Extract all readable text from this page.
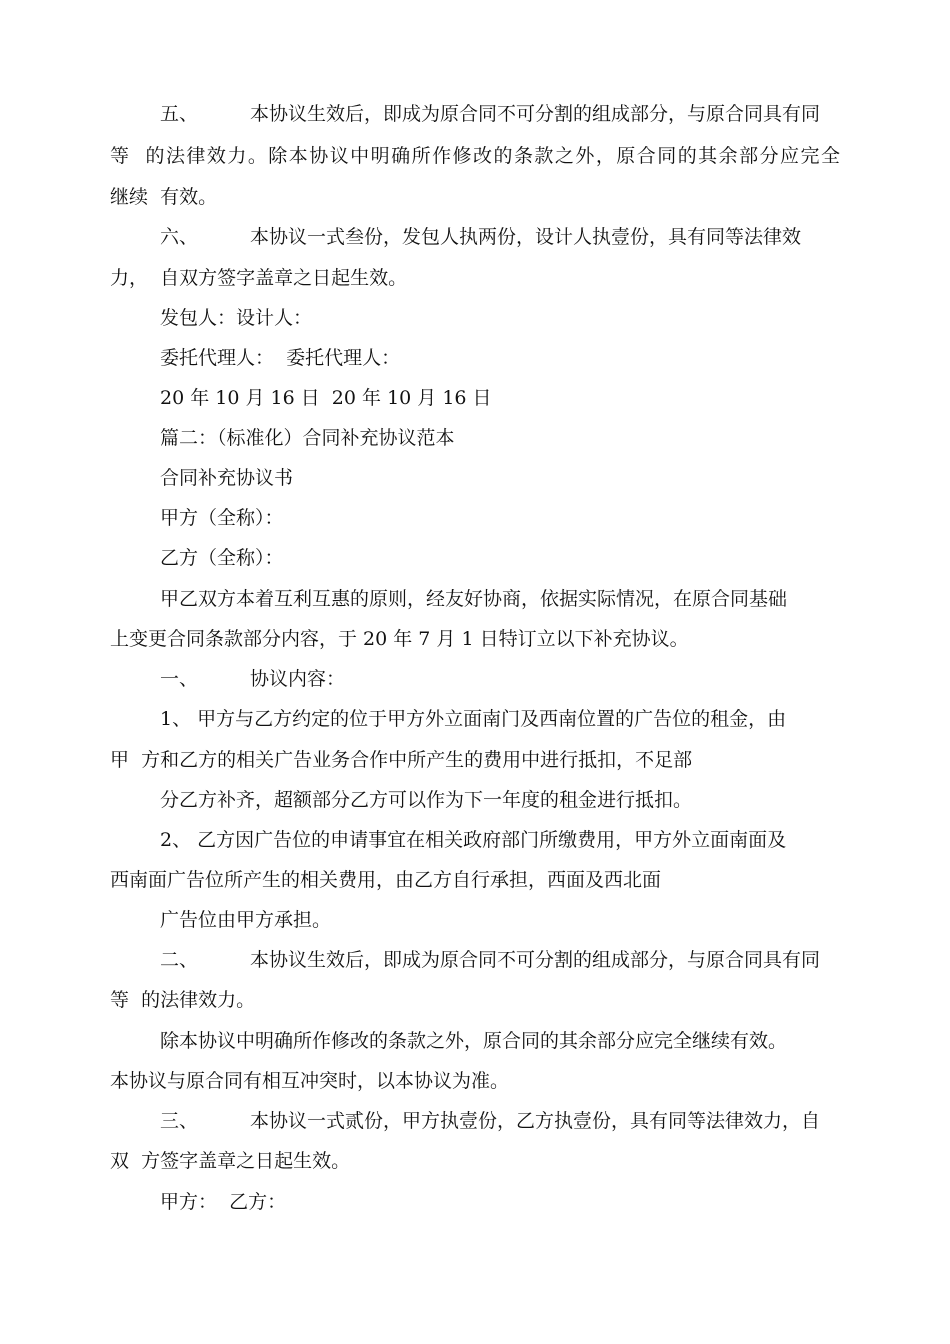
五、	本协议生效后，即成为原合同不可分割的组成部分，与原合同具有同
等  的法律效力。除本协议中明确所作修改的条款之外，原合同的其余部分应完全
继续  有效。
六、	本协议一式叁份，发包人执两份，设计人执壹份，具有同等法律效
力，  自双方签字盖章之日起生效。
发包人：设计人：
委托代理人：  委托代理人：
20 年 10 月 16 日  20 年 10 月 16 日
篇二：（标准化）合同补充协议范本
合同补充协议书
甲方（全称）：
乙方（全称）：
甲乙双方本着互利互惠的原则，经友好协商，依据实际情况，在原合同基础
上变更合同条款部分内容，于 20 年 7 月 1 日特订立以下补充协议。
一、	协议内容：
1、 甲方与乙方约定的位于甲方外立面南门及西南位置的广告位的租金，由
甲  方和乙方的相关广告业务合作中所产生的费用中进行抵扣，不足部
分乙方补齐，超额部分乙方可以作为下一年度的租金进行抵扣。
2、 乙方因广告位的申请事宜在相关政府部门所缴费用，甲方外立面南面及
西南面广告位所产生的相关费用，由乙方自行承担，西面及西北面
广告位由甲方承担。
二、	本协议生效后，即成为原合同不可分割的组成部分，与原合同具有同
等  的法律效力。
除本协议中明确所作修改的条款之外，原合同的其余部分应完全继续有效。
本协议与原合同有相互冲突时，以本协议为准。
三、	本协议一式贰份，甲方执壹份，乙方执壹份，具有同等法律效力，自
双  方签字盖章之日起生效。
甲方：  乙方：
